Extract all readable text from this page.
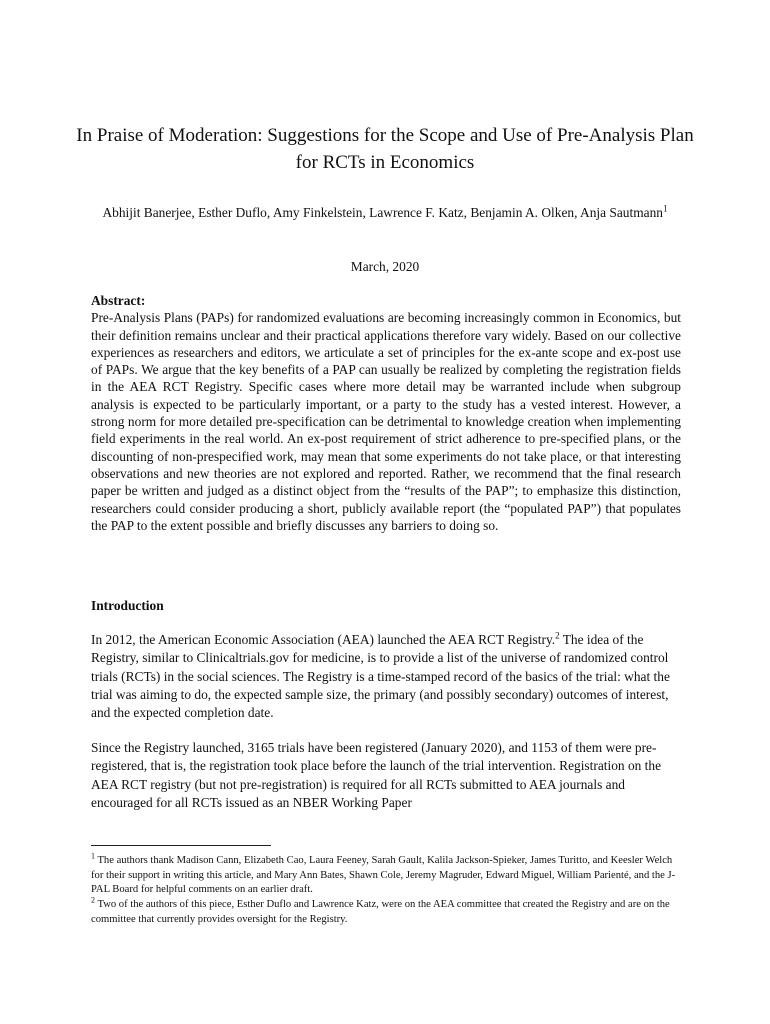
In Praise of Moderation: Suggestions for the Scope and Use of Pre-Analysis Plan for RCTs in Economics

Abhijit Banerjee, Esther Duflo, Amy Finkelstein, Lawrence F. Katz, Benjamin A. Olken, Anja Sautmann$^1$

March, 2020

Abstract:

Pre-Analysis Plans (PAPs) for randomized evaluations are becoming increasingly common in Economics, but their definition remains unclear and their practical applications therefore vary widely. Based on our collective experiences as researchers and editors, we articulate a set of principles for the ex-ante scope and ex-post use of PAPs. We argue that the key benefits of a PAP can usually be realized by completing the registration fields in the AEA RCT Registry. Specific cases where more detail may be warranted include when subgroup analysis is expected to be particularly important, or a party to the study has a vested interest. However, a strong norm for more detailed pre-specification can be detrimental to knowledge creation when implementing field experiments in the real world. An ex-post requirement of strict adherence to pre-specified plans, or the discounting of non-prespecified work, may mean that some experiments do not take place, or that interesting observations and new theories are not explored and reported. Rather, we recommend that the final research paper be written and judged as a distinct object from the “results of the PAP”; to emphasize this distinction, researchers could consider producing a short, publicly available report (the “populated PAP”) that populates the PAP to the extent possible and briefly discusses any barriers to doing so.

Introduction

In 2012, the American Economic Association (AEA) launched the AEA RCT Registry.$^2$ The idea of the Registry, similar to Clinicaltrials.gov for medicine, is to provide a list of the universe of randomized control trials (RCTs) in the social sciences. The Registry is a time-stamped record of the basics of the trial: what the trial was aiming to do, the expected sample size, the primary (and possibly secondary) outcomes of interest, and the expected completion date.

Since the Registry launched, 3165 trials have been registered (January 2020), and 1153 of them were pre-registered, that is, the registration took place before the launch of the trial intervention. Registration on the AEA RCT registry (but not pre-registration) is required for all RCTs submitted to AEA journals and encouraged for all RCTs issued as an NBER Working Paper

$^1$ The authors thank Madison Cann, Elizabeth Cao, Laura Feeney, Sarah Gault, Kalila Jackson-Spieker, James Turitto, and Keesler Welch for their support in writing this article, and Mary Ann Bates, Shawn Cole, Jeremy Magruder, Edward Miguel, William Parienté, and the J-PAL Board for helpful comments on an earlier draft.

$^2$ Two of the authors of this piece, Esther Duflo and Lawrence Katz, were on the AEA committee that created the Registry and are on the committee that currently provides oversight for the Registry.
